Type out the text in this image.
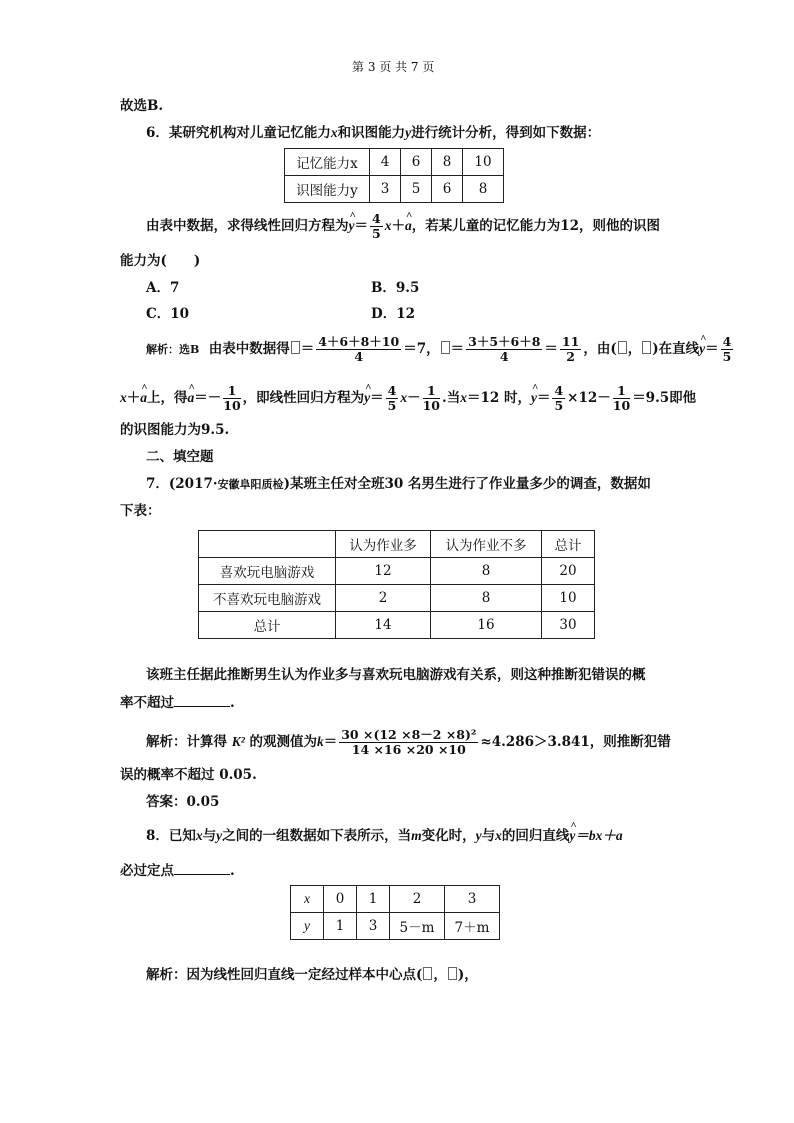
第 3 页 共 7 页
故选B.
6．某研究机构对儿童记忆能力x和识图能力y进行统计分析，得到如下数据：
记忆能力x	4	6	8	10
识图能力y	3	5	6	8
由表中数据，求得线性回归方程为^ $y= \frac{4}{5}$ x＋^ a，若某儿童的记忆能力为12，则他的识图
能力为(　　)
A．7	B．9.5
C．10	D．12
解析：选B 由表中数据得 ＝ $\frac{4+6+8+10}{4} =7$， ＝ $\frac{3+5+6+8}{4} = \frac{11}{2}$ ，由( ， )在直线^ $y= \frac{4}{5}$
x＋^ a上，得^ $a=- \frac{1}{10}$ ，即线性回归方程为^ $y= \frac{4}{5} x- \frac{1}{10}$ .当x＝12 时，^ $y= \frac{4}{5} \times 12- \frac{1}{10} =9.5$即他
的识图能力为9.5.
二、填空题
7．(2017·安徽阜阳质检)某班主任对全班30 名男生进行了作业量多少的调查，数据如
下表：
	认为作业多	认为作业不多	总计
喜欢玩电脑游戏	12	8	20
不喜欢玩电脑游戏	2	8	10
总计	14	16	30
该班主任据此推断男生认为作业多与喜欢玩电脑游戏有关系，则这种推断犯错误的概
率不超过	.
解析：计算得 K² 的观测值为$k= \frac{\text{30 ×(12 ×8－2 ×8)²}}{14 \times 16 \times 20 \times 10} \approx 4.286>3.841$，则推断犯错
误的概率不超过 0.05.
答案：0.05
8．已知x与y之间的一组数据如下表所示，当m变化时，y与x的回归直线^ y＝bx＋a
必过定点	.
x	0	1	2	3
y	1	3	5－m	7＋m
解析：因为线性回归直线一定经过样本中心点( ， )，
